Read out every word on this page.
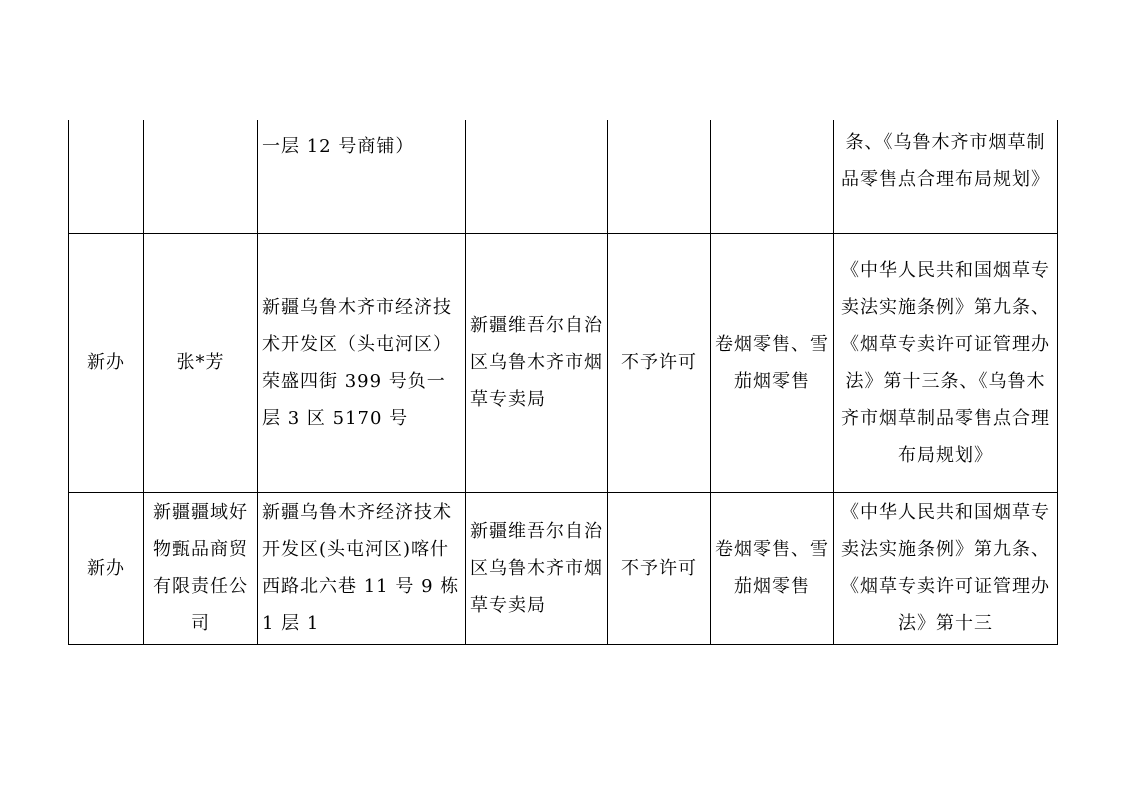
		一层 12 号商铺）				条、《乌鲁木齐市烟草制品零售点合理布局规划》

新办	张*芳	新疆乌鲁木齐市经济技术开发区（头屯河区）荣盛四街 399 号负一层 3 区 5170 号	新疆维吾尔自治区乌鲁木齐市烟草专卖局	不予许可	卷烟零售、雪茄烟零售	《中华人民共和国烟草专卖法实施条例》第九条、《烟草专卖许可证管理办法》第十三条、《乌鲁木齐市烟草制品零售点合理布局规划》

新办	新疆疆域好物甄品商贸有限责任公司	新疆乌鲁木齐经济技术开发区(头屯河区)喀什西路北六巷 11 号 9 栋 1 层 1	新疆维吾尔自治区乌鲁木齐市烟草专卖局	不予许可	卷烟零售、雪茄烟零售	《中华人民共和国烟草专卖法实施条例》第九条、《烟草专卖许可证管理办法》第十三
